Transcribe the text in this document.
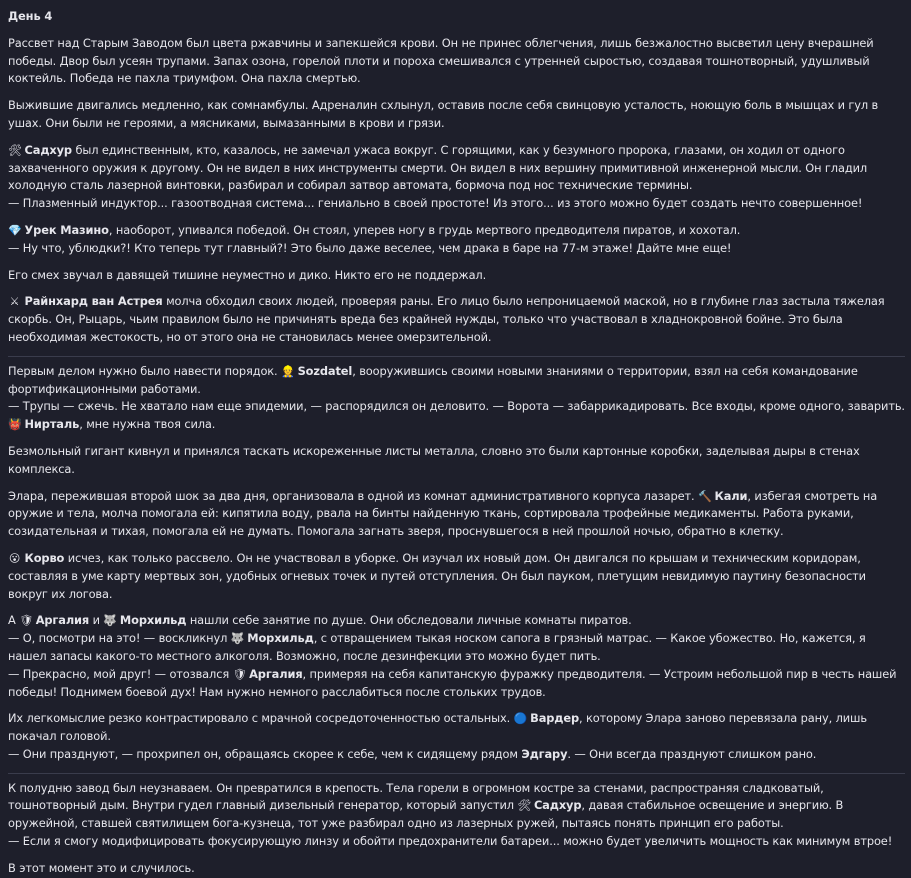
День 4

Рассвет над Старым Заводом был цвета ржавчины и запекшейся крови. Он не принес облегчения, лишь безжалостно высветил цену вчерашней победы. Двор был усеян трупами. Запах озона, горелой плоти и пороха смешивался с утренней сыростью, создавая тошнотворный, удушливый коктейль. Победа не пахла триумфом. Она пахла смертью.

Выжившие двигались медленно, как сомнамбулы. Адреналин схлынул, оставив после себя свинцовую усталость, ноющую боль в мышцах и гул в ушах. Они были не героями, а мясниками, вымазанными в крови и грязи.

🛠 Садхур был единственным, кто, казалось, не замечал ужаса вокруг. С горящими, как у безумного пророка, глазами, он ходил от одного захваченного оружия к другому. Он не видел в них инструменты смерти. Он видел в них вершину примитивной инженерной мысли. Он гладил холодную сталь лазерной винтовки, разбирал и собирал затвор автомата, бормоча под нос технические термины.
— Плазменный индуктор... газоотводная система... гениально в своей простоте! Из этого... из этого можно будет создать нечто совершенное!

💎 Урек Мазино, наоборот, упивался победой. Он стоял, уперев ногу в грудь мертвого предводителя пиратов, и хохотал.
— Ну что, ублюдки?! Кто теперь тут главный?! Это было даже веселее, чем драка в баре на 77-м этаже! Дайте мне еще!

Его смех звучал в давящей тишине неуместно и дико. Никто его не поддержал.

⚔ Райнхард ван Астрея молча обходил своих людей, проверяя раны. Его лицо было непроницаемой маской, но в глубине глаз застыла тяжелая скорбь. Он, Рыцарь, чьим правилом было не причинять вреда без крайней нужды, только что участвовал в хладнокровной бойне. Это была необходимая жестокость, но от этого она не становилась менее омерзительной.

Первым делом нужно было навести порядок. 👷 Sozdatel, вооружившись своими новыми знаниями о территории, взял на себя командование фортификационными работами.
— Трупы — сжечь. Не хватало нам еще эпидемии, — распорядился он деловито. — Ворота — забаррикадировать. Все входы, кроме одного, заварить. 👹 Нирталь, мне нужна твоя сила.

Безмольный гигант кивнул и принялся таскать искореженные листы металла, словно это были картонные коробки, заделывая дыры в стенах комплекса.

Элара, пережившая второй шок за два дня, организовала в одной из комнат административного корпуса лазарет. 🔨 Кали, избегая смотреть на оружие и тела, молча помогала ей: кипятила воду, рвала на бинты найденную ткань, сортировала трофейные медикаменты. Работа руками, созидательная и тихая, помогала ей не думать. Помогала загнать зверя, проснувшегося в ней прошлой ночью, обратно в клетку.

😮 Корво исчез, как только рассвело. Он не участвовал в уборке. Он изучал их новый дом. Он двигался по крышам и техническим коридорам, составляя в уме карту мертвых зон, удобных огневых точек и путей отступления. Он был пауком, плетущим невидимую паутину безопасности вокруг их логова.

А 🛡 Аргалия и 🐺 Морхильд нашли себе занятие по душе. Они обследовали личные комнаты пиратов.
— О, посмотри на это! — воскликнул 🐺 Морхильд, с отвращением тыкая носком сапога в грязный матрас. — Какое убожество. Но, кажется, я нашел запасы какого-то местного алкоголя. Возможно, после дезинфекции это можно будет пить.
— Прекрасно, мой друг! — отозвался 🛡 Аргалия, примеряя на себя капитанскую фуражку предводителя. — Устроим небольшой пир в честь нашей победы! Поднимем боевой дух! Нам нужно немного расслабиться после стольких трудов.

Их легкомыслие резко контрастировало с мрачной сосредоточенностью остальных. 🔵 Вардер, которому Элара заново перевязала рану, лишь покачал головой.
— Они празднуют, — прохрипел он, обращаясь скорее к себе, чем к сидящему рядом Эдгару. — Они всегда празднуют слишком рано.

К полудню завод был неузнаваем. Он превратился в крепость. Тела горели в огромном костре за стенами, распространяя сладковатый, тошнотворный дым. Внутри гудел главный дизельный генератор, который запустил 🛠 Садхур, давая стабильное освещение и энергию. В оружейной, ставшей святилищем бога-кузнеца, тот уже разбирал одно из лазерных ружей, пытаясь понять принцип его работы.
— Если я смогу модифицировать фокусирующую линзу и обойти предохранители батареи... можно будет увеличить мощность как минимум втрое!

В этот момент это и случилось.
